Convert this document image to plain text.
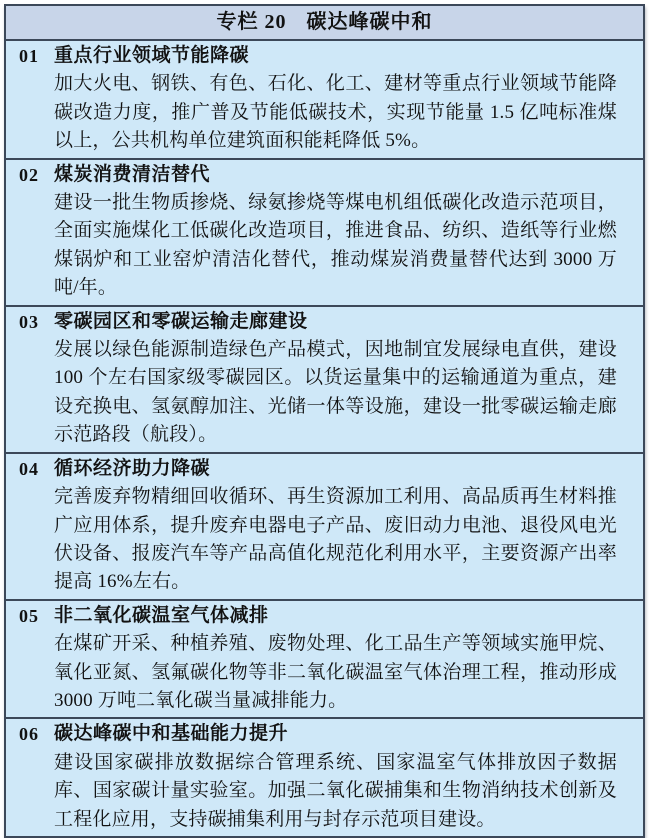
专栏 20 碳达峰碳中和
01 重点行业领域节能降碳

加大火电、钢铁、有色、石化、化工、建材等重点行业领域节能降碳改造力度，推广普及节能低碳技术，实现节能量 1.5 亿吨标准煤以上，公共机构单位建筑面积能耗降低 5%。

02 煤炭消费清洁替代

建设一批生物质掺烧、绿氨掺烧等煤电机组低碳化改造示范项目，全面实施煤化工低碳化改造项目，推进食品、纺织、造纸等行业燃煤锅炉和工业窑炉清洁化替代，推动煤炭消费量替代达到 3000 万吨/年。

03 零碳园区和零碳运输走廊建设

发展以绿色能源制造绿色产品模式，因地制宜发展绿电直供，建设 100 个左右国家级零碳园区。以货运量集中的运输通道为重点，建设充换电、氢氨醇加注、光储一体等设施，建设一批零碳运输走廊示范路段（航段）。

04 循环经济助力降碳

完善废弃物精细回收循环、再生资源加工利用、高品质再生材料推广应用体系，提升废弃电器电子产品、废旧动力电池、退役风电光伏设备、报废汽车等产品高值化规范化利用水平，主要资源产出率提高 16%左右。

05 非二氧化碳温室气体减排

在煤矿开采、种植养殖、废物处理、化工品生产等领域实施甲烷、氧化亚氮、氢氟碳化物等非二氧化碳温室气体治理工程，推动形成 3000 万吨二氧化碳当量减排能力。

06 碳达峰碳中和基础能力提升

建设国家碳排放数据综合管理系统、国家温室气体排放因子数据库、国家碳计量实验室。加强二氧化碳捕集和生物消纳技术创新及工程化应用，支持碳捕集利用与封存示范项目建设。
